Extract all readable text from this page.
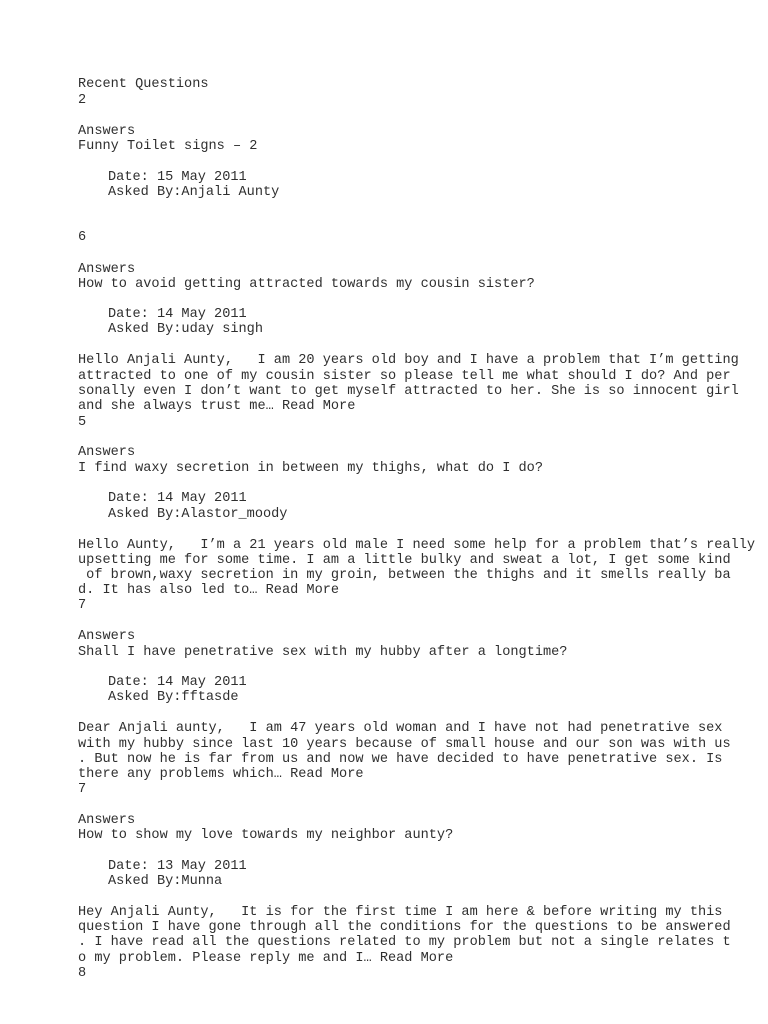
Recent Questions
2
Answers
Funny Toilet signs – 2
Date: 15 May 2011
Asked By:Anjali Aunty
6
Answers
How to avoid getting attracted towards my cousin sister?
Date: 14 May 2011
Asked By:uday singh
Hello Anjali Aunty,   I am 20 years old boy and I have a problem that I’m getting
attracted to one of my cousin sister so please tell me what should I do? And per
sonally even I don’t want to get myself attracted to her. She is so innocent girl
and she always trust me… Read More
5
Answers
I find waxy secretion in between my thighs, what do I do?
Date: 14 May 2011
Asked By:Alastor_moody
Hello Aunty,   I’m a 21 years old male I need some help for a problem that’s really
upsetting me for some time. I am a little bulky and sweat a lot, I get some kind
of brown,waxy secretion in my groin, between the thighs and it smells really ba
d. It has also led to… Read More
7
Answers
Shall I have penetrative sex with my hubby after a longtime?
Date: 14 May 2011
Asked By:fftasde
Dear Anjali aunty,   I am 47 years old woman and I have not had penetrative sex
with my hubby since last 10 years because of small house and our son was with us
. But now he is far from us and now we have decided to have penetrative sex. Is
there any problems which… Read More
7
Answers
How to show my love towards my neighbor aunty?
Date: 13 May 2011
Asked By:Munna
Hey Anjali Aunty,   It is for the first time I am here & before writing my this
question I have gone through all the conditions for the questions to be answered
. I have read all the questions related to my problem but not a single relates t
o my problem. Please reply me and I… Read More
8
